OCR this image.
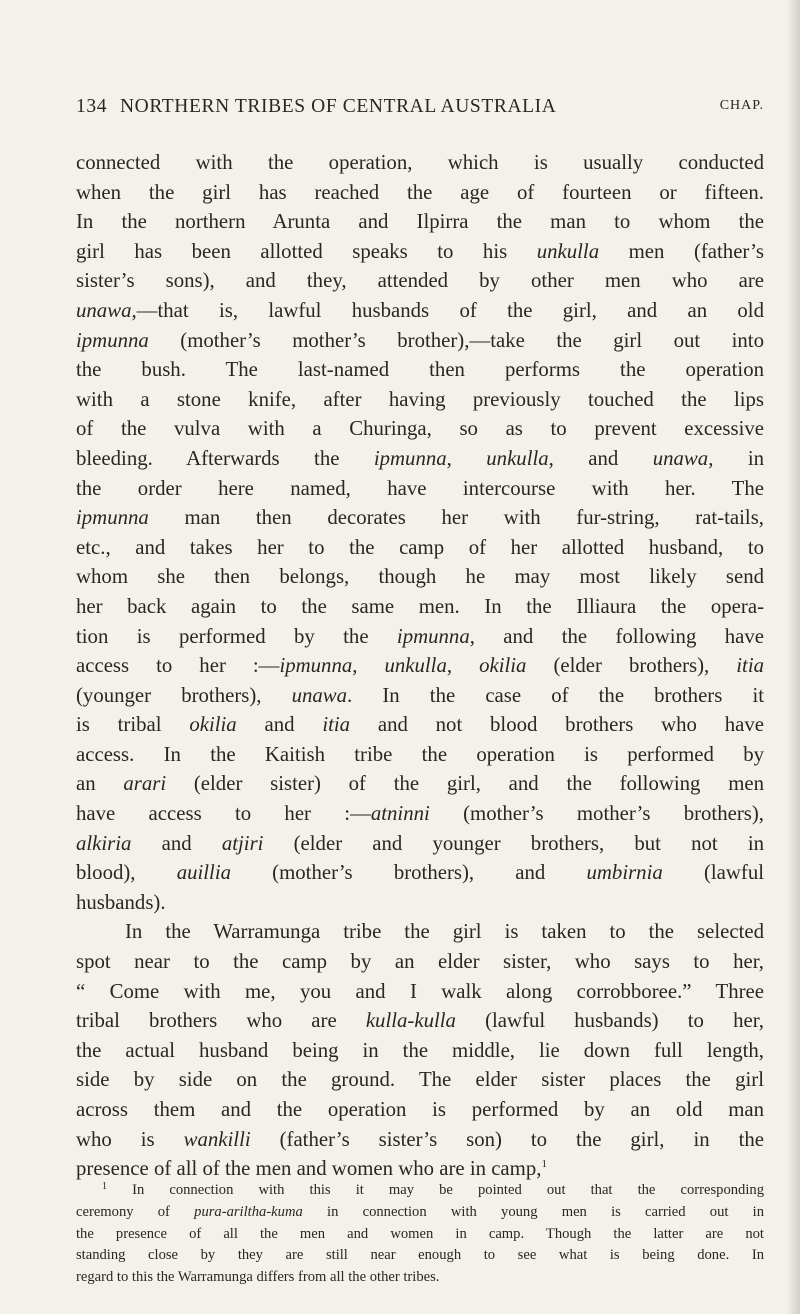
134 NORTHERN TRIBES OF CENTRAL AUSTRALIA	CHAP.
connected with the operation, which is usually conducted
when the girl has reached the age of fourteen or fifteen.
In the northern Arunta and Ilpirra the man to whom the
girl has been allotted speaks to his unkulla men (father’s
sister’s sons), and they, attended by other men who are
unawa,—that is, lawful husbands of the girl, and an old
ipmunna (mother’s mother’s brother),—take the girl out into
the bush. The last-named then performs the operation
with a stone knife, after having previously touched the lips
of the vulva with a Churinga, so as to prevent excessive
bleeding. Afterwards the ipmunna, unkulla, and unawa, in
the order here named, have intercourse with her. The
ipmunna man then decorates her with fur-string, rat-tails,
etc., and takes her to the camp of her allotted husband, to
whom she then belongs, though he may most likely send
her back again to the same men. In the Illiaura the opera-
tion is performed by the ipmunna, and the following have
access to her :—ipmunna, unkulla, okilia (elder brothers), itia
(younger brothers), unawa. In the case of the brothers it
is tribal okilia and itia and not blood brothers who have
access. In the Kaitish tribe the operation is performed by
an arari (elder sister) of the girl, and the following men
have access to her :—atninni (mother’s mother’s brothers),
alkiria and atjiri (elder and younger brothers, but not in
blood), auillia (mother’s brothers), and umbirnia (lawful
husbands).
In the Warramunga tribe the girl is taken to the selected
spot near to the camp by an elder sister, who says to her,
“ Come with me, you and I walk along corrobboree.” Three
tribal brothers who are kulla-kulla (lawful husbands) to her,
the actual husband being in the middle, lie down full length,
side by side on the ground. The elder sister places the girl
across them and the operation is performed by an old man
who is wankilli (father’s sister’s son) to the girl, in the
presence of all of the men and women who are in camp,$^1$
$^1$ In connection with this it may be pointed out that the corresponding
ceremony of pura-ariltha-kuma in connection with young men is carried out in
the presence of all the men and women in camp. Though the latter are not
standing close by they are still near enough to see what is being done. In
regard to this the Warramunga differs from all the other tribes.
